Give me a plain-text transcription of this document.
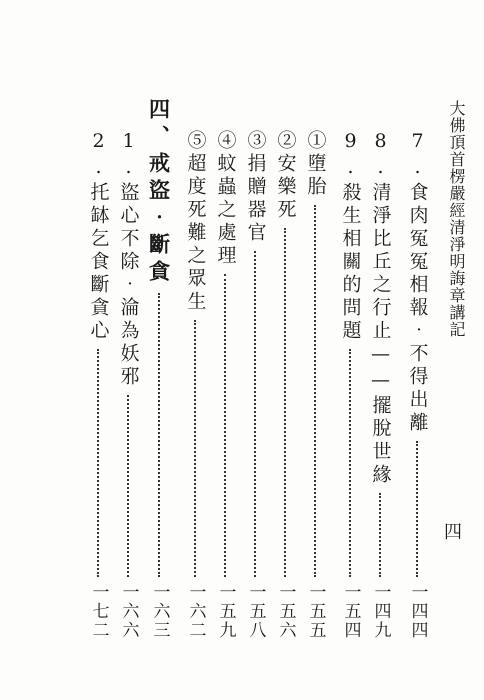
大佛頂首楞嚴經清淨明誨章講記
四
7.食肉冤冤相報‧不得出離
一四四
8.清淨比丘之行止——擺脫世緣
一四九
9.殺生相關的問題
一五四
①墮胎
一五五
②安樂死
一五六
③捐贈器官
一五八
④蚊蟲之處理
一五九
⑤超度死難之眾生
一六二
四、戒盜‧斷貪
一六三
1.盜心不除‧淪為妖邪
一六六
2.托缽乞食斷貪心
一七二
